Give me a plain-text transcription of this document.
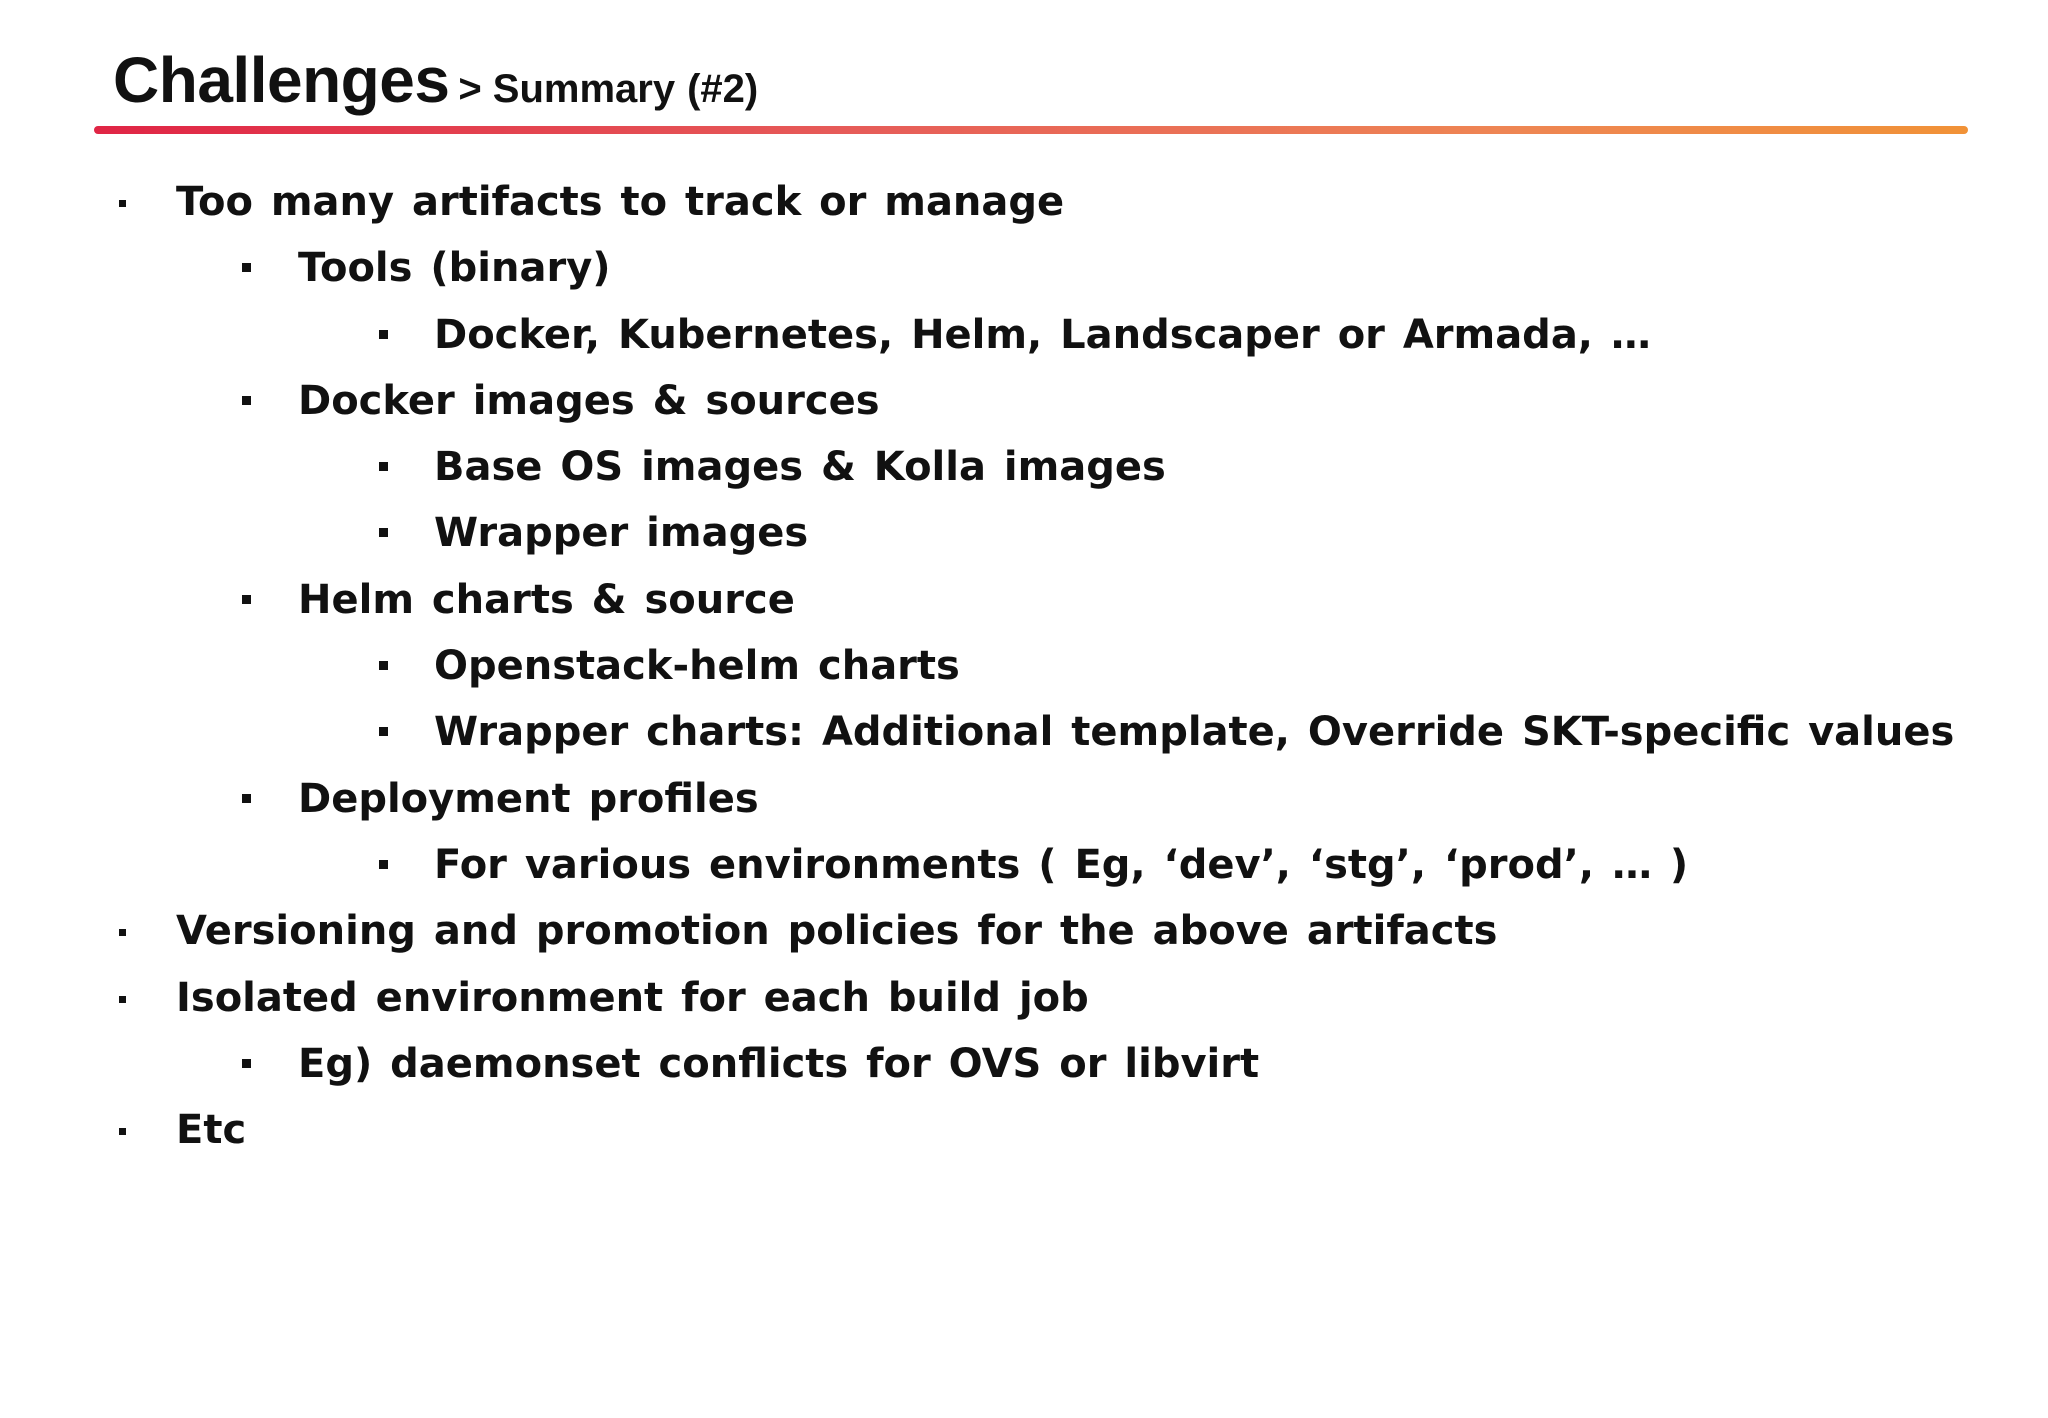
Challenges > Summary (#2)
Too many artifacts to track or manage
Tools (binary)
Docker, Kubernetes, Helm, Landscaper or Armada, …
Docker images & sources
Base OS images & Kolla images
Wrapper images
Helm charts & source
Openstack-helm charts
Wrapper charts: Additional template, Override SKT-specific values
Deployment profiles
For various environments ( Eg, ‘dev’, ‘stg’, ‘prod’, … )
Versioning and promotion policies for the above artifacts
Isolated environment for each build job
Eg) daemonset conflicts for OVS or libvirt
Etc
